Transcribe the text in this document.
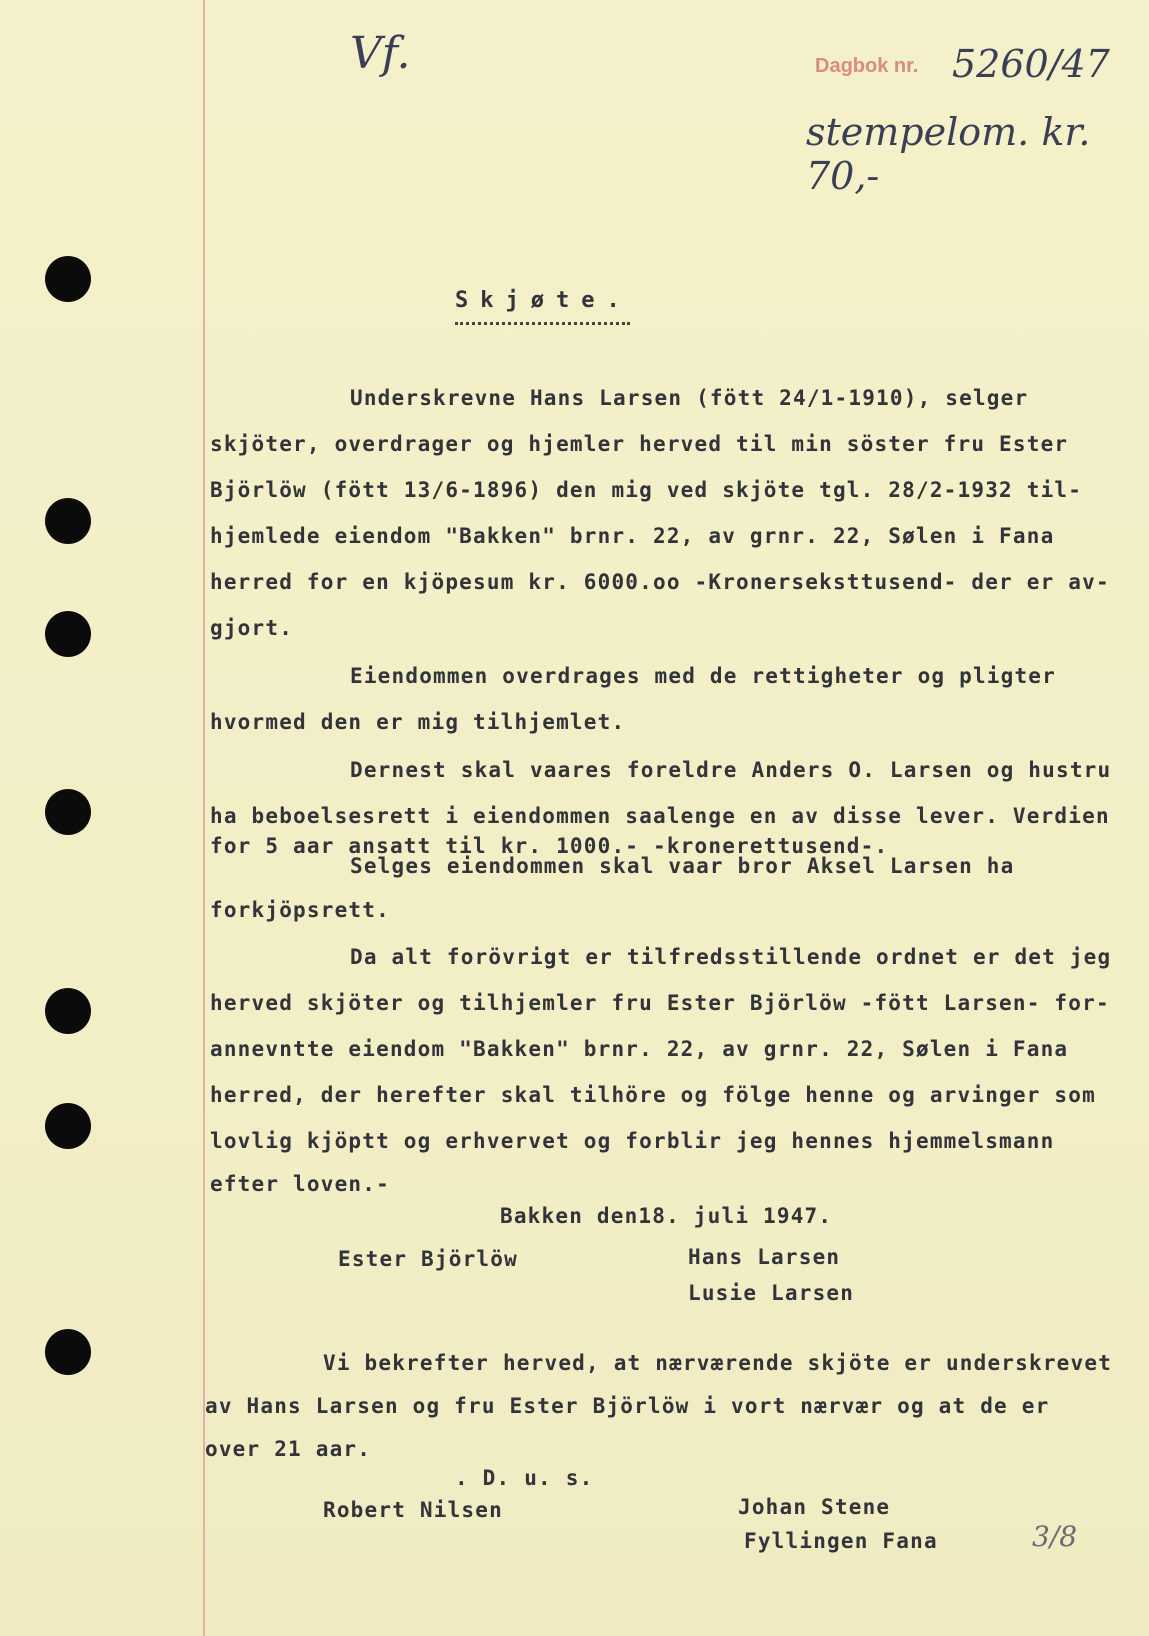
Vf.	Dagbok nr. 5260/47
stempelom. kr. 70,-
3/8
Skjøte.
Underskrevne Hans Larsen (fött 24/1-1910), selger
skjöter, overdrager og hjemler herved til min söster fru Ester
Björlöw (fött 13/6-1896) den mig ved skjöte tgl. 28/2-1932 til-
hjemlede eiendom "Bakken" brnr. 22, av grnr. 22, Sølen i Fana
herred for en kjöpesum kr. 6000.oo -Kronerseksttusend- der er av-
gjort.
Eiendommen overdrages med de rettigheter og pligter
hvormed den er mig tilhjemlet.
Dernest skal vaares foreldre Anders O. Larsen og hustru
ha beboelsesrett i eiendommen saalenge en av disse lever. Verdien
for 5 aar ansatt til kr. 1000.- -kronerettusend-.
Selges eiendommen skal vaar bror Aksel Larsen ha
forkjöpsrett.
Da alt forövrigt er tilfredsstillende ordnet er det jeg
herved skjöter og tilhjemler fru Ester Björlöw -fött Larsen- for-
annevntte eiendom "Bakken" brnr. 22, av grnr. 22, Sølen i Fana
herred, der herefter skal tilhöre og fölge henne og arvinger som
lovlig kjöptt og erhvervet og forblir jeg hennes hjemmelsmann
efter loven.-
Bakken den18. juli 1947.
Ester Björlöw	Hans Larsen
Lusie Larsen
Vi bekrefter herved, at nærværende skjöte er underskrevet
av Hans Larsen og fru Ester Björlöw i vort nærvær og at de er
over 21 aar.
. D. u. s.
Robert Nilsen	Johan Stene
Fyllingen Fana
